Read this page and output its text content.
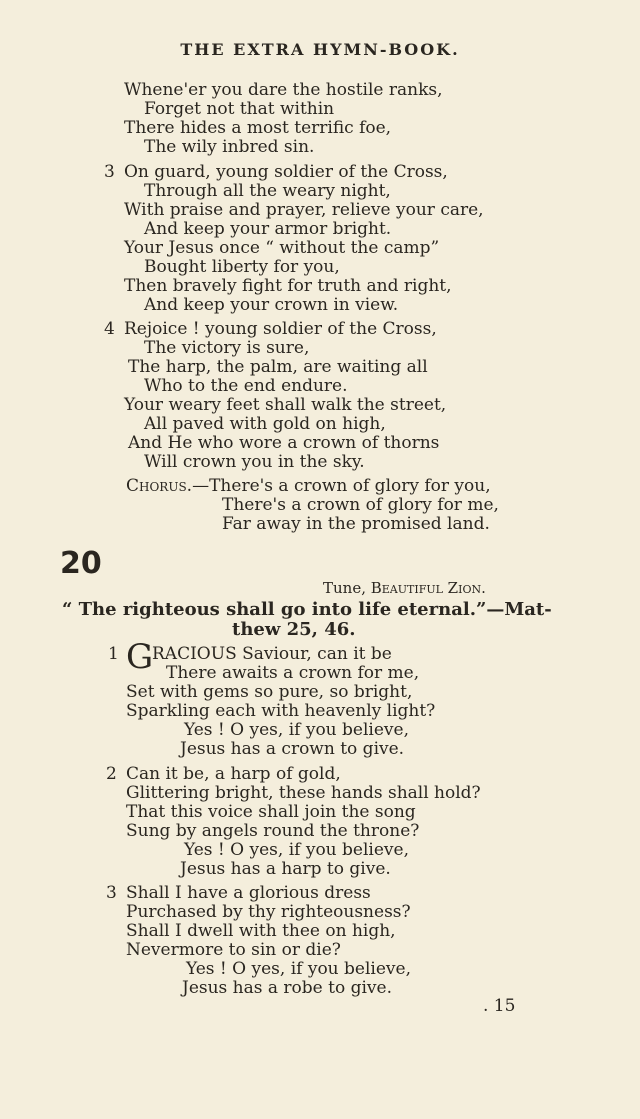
THE EXTRA HYMN-BOOK.
Whene'er you dare the hostile ranks,
Forget not that within
There hides a most terrific foe,
The wily inbred sin.
3 On guard, young soldier of the Cross,
Through all the weary night,
With praise and prayer, relieve your care,
And keep your armor bright.
Your Jesus once “ without the camp”
Bought liberty for you,
Then bravely fight for truth and right,
And keep your crown in view.
4 Rejoice ! young soldier of the Cross,
The victory is sure,
The harp, the palm, are waiting all
Who to the end endure.
Your weary feet shall walk the street,
All paved with gold on high,
And He who wore a crown of thorns
Will crown you in the sky.
Chorus.—There's a crown of glory for you,
There's a crown of glory for me,
Far away in the promised land.
20
Tune, Beautiful Zion.
“ The righteous shall go into life eternal.”—Mat-
thew 25, 46.
1 G
RACIOUS Saviour, can it be
There awaits a crown for me,
Set with gems so pure, so bright,
Sparkling each with heavenly light?
Yes ! O yes, if you believe,
Jesus has a crown to give.
2 Can it be, a harp of gold,
Glittering bright, these hands shall hold?
That this voice shall join the song
Sung by angels round the throne?
Yes ! O yes, if you believe,
Jesus has a harp to give.
3 Shall I have a glorious dress
Purchased by thy righteousness?
Shall I dwell with thee on high,
Nevermore to sin or die?
Yes ! O yes, if you believe,
Jesus has a robe to give.
. 15
